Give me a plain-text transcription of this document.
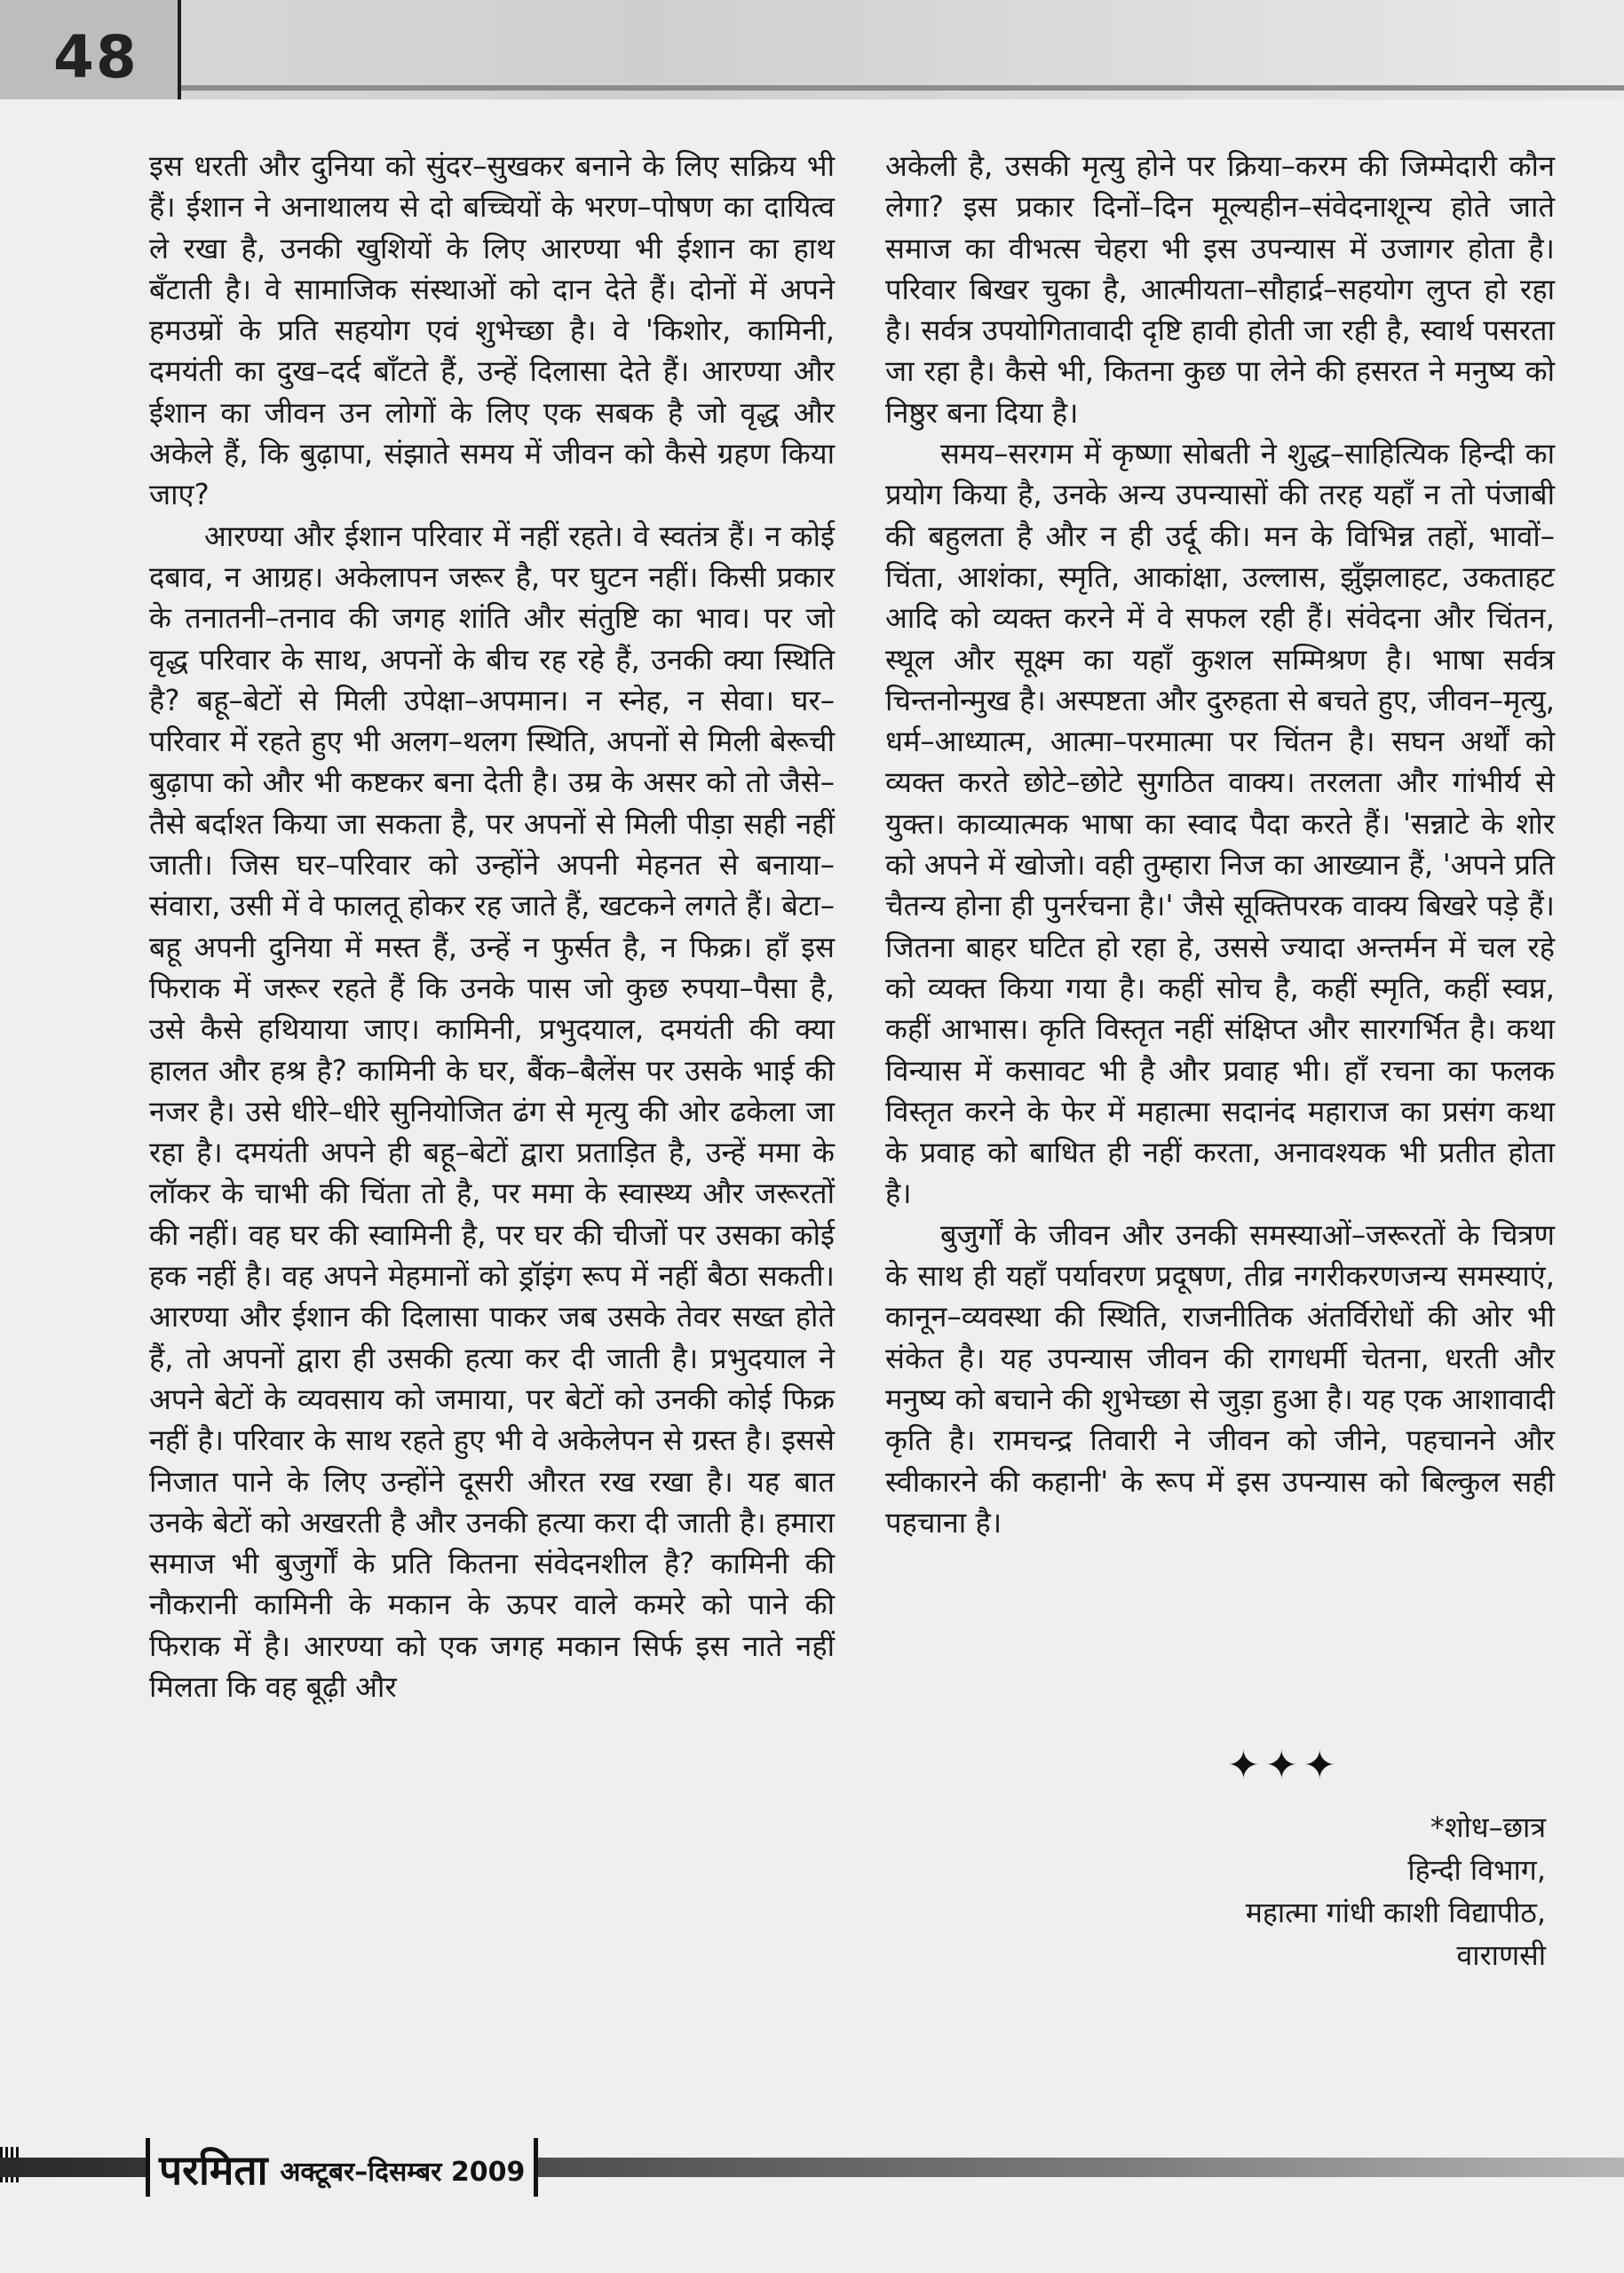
48

इस धरती और दुनिया को सुंदर–सुखकर बनाने के लिए सक्रिय भी हैं। ईशान ने अनाथालय से दो बच्चियों के भरण–पोषण का दायित्व ले रखा है, उनकी खुशियों के लिए आरण्या भी ईशान का हाथ बँटाती है। वे सामाजिक संस्थाओं को दान देते हैं। दोनों में अपने हमउम्रों के प्रति सहयोग एवं शुभेच्छा है। वे 'किशोर, कामिनी, दमयंती का दुख–दर्द बाँटते हैं, उन्हें दिलासा देते हैं। आरण्या और ईशान का जीवन उन लोगों के लिए एक सबक है जो वृद्ध और अकेले हैं, कि बुढ़ापा, संझाते समय में जीवन को कैसे ग्रहण किया जाए?

आरण्या और ईशान परिवार में नहीं रहते। वे स्वतंत्र हैं। न कोई दबाव, न आग्रह। अकेलापन जरूर है, पर घुटन नहीं। किसी प्रकार के तनातनी–तनाव की जगह शांति और संतुष्टि का भाव। पर जो वृद्ध परिवार के साथ, अपनों के बीच रह रहे हैं, उनकी क्या स्थिति है? बहू–बेटों से मिली उपेक्षा–अपमान। न स्नेह, न सेवा। घर–परिवार में रहते हुए भी अलग–थलग स्थिति, अपनों से मिली बेरूची बुढ़ापा को और भी कष्टकर बना देती है। उम्र के असर को तो जैसे–तैसे बर्दाश्त किया जा सकता है, पर अपनों से मिली पीड़ा सही नहीं जाती। जिस घर–परिवार को उन्होंने अपनी मेहनत से बनाया–संवारा, उसी में वे फालतू होकर रह जाते हैं, खटकने लगते हैं। बेटा–बहू अपनी दुनिया में मस्त हैं, उन्हें न फुर्सत है, न फिक्र। हाँ इस फिराक में जरूर रहते हैं कि उनके पास जो कुछ रुपया–पैसा है, उसे कैसे हथियाया जाए। कामिनी, प्रभुदयाल, दमयंती की क्या हालत और हश्र है? कामिनी के घर, बैंक–बैलेंस पर उसके भाई की नजर है। उसे धीरे–धीरे सुनियोजित ढंग से मृत्यु की ओर ढकेला जा रहा है। दमयंती अपने ही बहू–बेटों द्वारा प्रताड़ित है, उन्हें ममा के लॉकर के चाभी की चिंता तो है, पर ममा के स्वास्थ्य और जरूरतों की नहीं। वह घर की स्वामिनी है, पर घर की चीजों पर उसका कोई हक नहीं है। वह अपने मेहमानों को ड्रॉइंग रूप में नहीं बैठा सकती। आरण्या और ईशान की दिलासा पाकर जब उसके तेवर सख्त होते हैं, तो अपनों द्वारा ही उसकी हत्या कर दी जाती है। प्रभुदयाल ने अपने बेटों के व्यवसाय को जमाया, पर बेटों को उनकी कोई फिक्र नहीं है। परिवार के साथ रहते हुए भी वे अकेलेपन से ग्रस्त है। इससे निजात पाने के लिए उन्होंने दूसरी औरत रख रखा है। यह बात उनके बेटों को अखरती है और उनकी हत्या करा दी जाती है। हमारा समाज भी बुजुर्गों के प्रति कितना संवेदनशील है? कामिनी की नौकरानी कामिनी के मकान के ऊपर वाले कमरे को पाने की फिराक में है। आरण्या को एक जगह मकान सिर्फ इस नाते नहीं मिलता कि वह बूढ़ी और

अकेली है, उसकी मृत्यु होने पर क्रिया–करम की जिम्मेदारी कौन लेगा? इस प्रकार दिनों–दिन मूल्यहीन–संवेदनाशून्य होते जाते समाज का वीभत्स चेहरा भी इस उपन्यास में उजागर होता है। परिवार बिखर चुका है, आत्मीयता–सौहार्द्र–सहयोग लुप्त हो रहा है। सर्वत्र उपयोगितावादी दृष्टि हावी होती जा रही है, स्वार्थ पसरता जा रहा है। कैसे भी, कितना कुछ पा लेने की हसरत ने मनुष्य को निष्ठुर बना दिया है।

समय–सरगम में कृष्णा सोबती ने शुद्ध–साहित्यिक हिन्दी का प्रयोग किया है, उनके अन्य उपन्यासों की तरह यहाँ न तो पंजाबी की बहुलता है और न ही उर्दू की। मन के विभिन्न तहों, भावों–चिंता, आशंका, स्मृति, आकांक्षा, उल्लास, झुँझलाहट, उकताहट आदि को व्यक्त करने में वे सफल रही हैं। संवेदना और चिंतन, स्थूल और सूक्ष्म का यहाँ कुशल सम्मिश्रण है। भाषा सर्वत्र चिन्तनोन्मुख है। अस्पष्टता और दुरुहता से बचते हुए, जीवन–मृत्यु, धर्म–आध्यात्म, आत्मा–परमात्मा पर चिंतन है। सघन अर्थों को व्यक्त करते छोटे–छोटे सुगठित वाक्य। तरलता और गांभीर्य से युक्त। काव्यात्मक भाषा का स्वाद पैदा करते हैं। 'सन्नाटे के शोर को अपने में खोजो। वही तुम्हारा निज का आख्यान हैं, 'अपने प्रति चैतन्य होना ही पुनर्रचना है।' जैसे सूक्तिपरक वाक्य बिखरे पड़े हैं। जितना बाहर घटित हो रहा हे, उससे ज्यादा अन्तर्मन में चल रहे को व्यक्त किया गया है। कहीं सोच है, कहीं स्मृति, कहीं स्वप्न, कहीं आभास। कृति विस्तृत नहीं संक्षिप्त और सारगर्भित है। कथा विन्यास में कसावट भी है और प्रवाह भी। हाँ रचना का फलक विस्तृत करने के फेर में महात्मा सदानंद महाराज का प्रसंग कथा के प्रवाह को बाधित ही नहीं करता, अनावश्यक भी प्रतीत होता है।

बुजुर्गों के जीवन और उनकी समस्याओं–जरूरतों के चित्रण के साथ ही यहाँ पर्यावरण प्रदूषण, तीव्र नगरीकरणजन्य समस्याएं, कानून–व्यवस्था की स्थिति, राजनीतिक अंतर्विरोधों की ओर भी संकेत है। यह उपन्यास जीवन की रागधर्मी चेतना, धरती और मनुष्य को बचाने की शुभेच्छा से जुड़ा हुआ है। यह एक आशावादी कृति है। रामचन्द्र तिवारी ने जीवन को जीने, पहचानने और स्वीकारने की कहानी' के रूप में इस उपन्यास को बिल्कुल सही पहचाना है।

✦✦✦
*शोध–छात्र
हिन्दी विभाग,
महात्मा गांधी काशी विद्यापीठ,
वाराणसी
परमिता अक्टूबर–दिसम्बर 2009
